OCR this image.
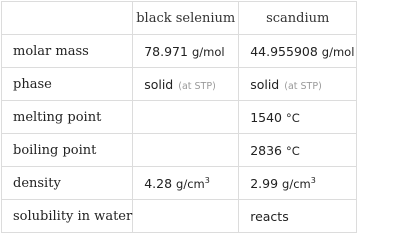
	black selenium	scandium
molar mass	78.971 g/mol	44.955908 g/mol
phase	solid (at STP)	solid (at STP)
melting point		1540 °C
boiling point		2836 °C
density	4.28 $g/cm^3$	2.99 $g/cm^3$
solubility in water		reacts
